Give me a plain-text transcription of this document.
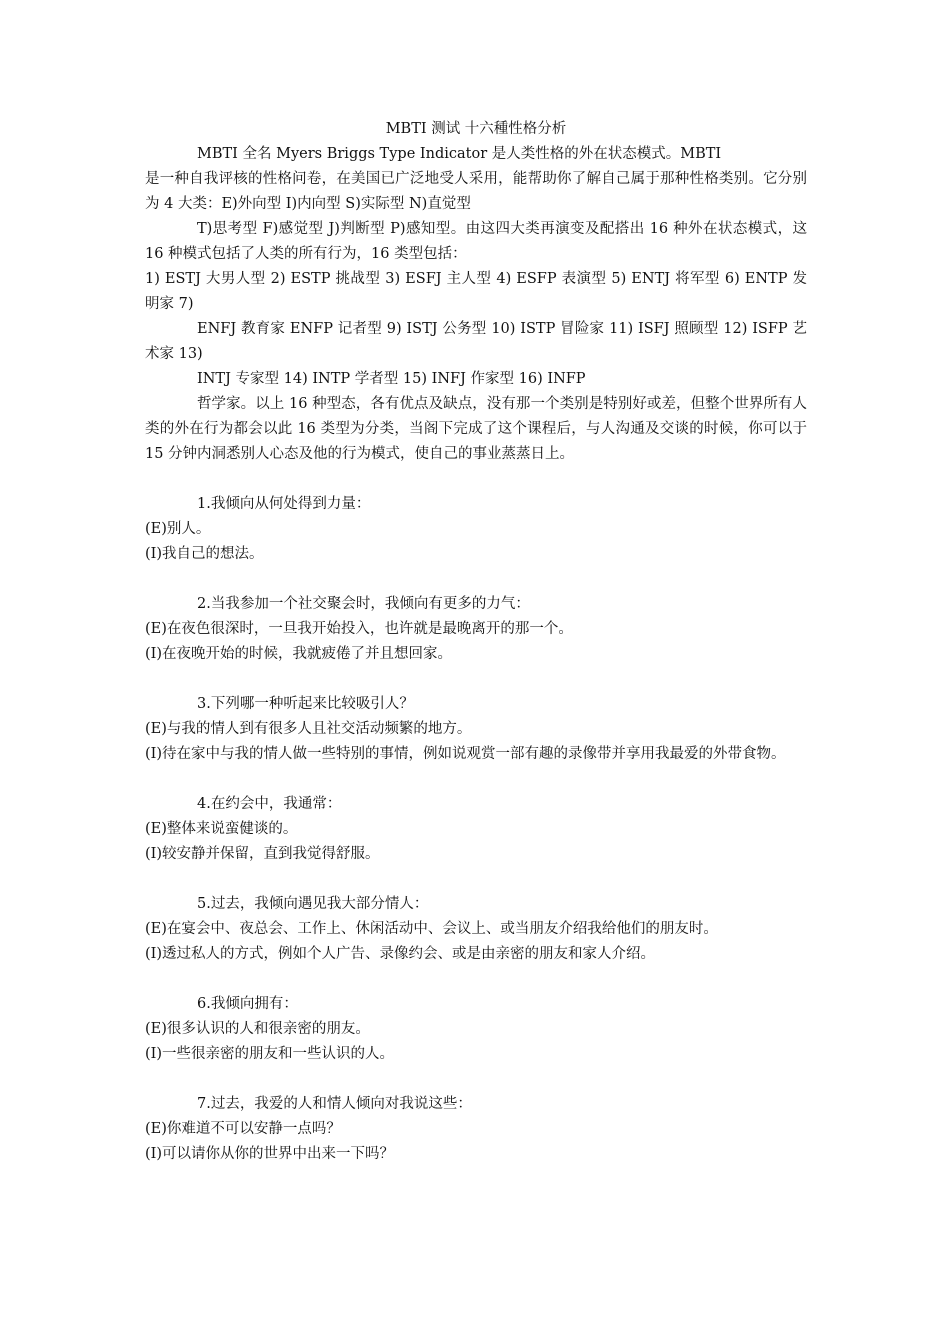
MBTI 测试 十六種性格分析

MBTI 全名 Myers Briggs Type Indicator 是人类性格的外在状态模式。MBTI

是一种自我评核的性格问卷，在美国已广泛地受人采用，能帮助你了解自己属于那种性格类别。它分别为 4 大类：E)外向型 I)内向型 S)实际型 N)直觉型

T)思考型 F)感觉型 J)判断型 P)感知型。由这四大类再演变及配搭出 16 种外在状态模式，这 16 种模式包括了人类的所有行为，16 类型包括：

1) ESTJ 大男人型 2) ESTP 挑战型 3) ESFJ 主人型 4) ESFP 表演型 5) ENTJ 将军型 6) ENTP 发明家 7)

ENFJ 教育家 ENFP 记者型 9) ISTJ 公务型 10) ISTP 冒险家 11) ISFJ 照顾型 12) ISFP 艺术家 13)

INTJ 专家型 14) INTP 学者型 15) INFJ 作家型 16) INFP

哲学家。以上 16 种型态，各有优点及缺点，没有那一个类别是特别好或差，但整个世界所有人类的外在行为都会以此 16 类型为分类，当阁下完成了这个课程后，与人沟通及交谈的时候，你可以于 15 分钟内洞悉别人心态及他的行为模式，使自己的事业蒸蒸日上。

1.我倾向从何处得到力量：

(E)别人。

(I)我自己的想法。

2.当我参加一个社交聚会时，我倾向有更多的力气：

(E)在夜色很深时，一旦我开始投入，也许就是最晚离开的那一个。

(I)在夜晚开始的时候，我就疲倦了并且想回家。

3.下列哪一种听起来比较吸引人？

(E)与我的情人到有很多人且社交活动频繁的地方。

(I)待在家中与我的情人做一些特别的事情，例如说观赏一部有趣的录像带并享用我最爱的外带食物。

4.在约会中，我通常：

(E)整体来说蛮健谈的。

(I)较安静并保留，直到我觉得舒服。

5.过去，我倾向遇见我大部分情人：

(E)在宴会中、夜总会、工作上、休闲活动中、会议上、或当朋友介绍我给他们的朋友时。

(I)透过私人的方式，例如个人广告、录像约会、或是由亲密的朋友和家人介绍。

6.我倾向拥有：

(E)很多认识的人和很亲密的朋友。

(I)一些很亲密的朋友和一些认识的人。

7.过去，我爱的人和情人倾向对我说这些：

(E)你难道不可以安静一点吗？

(I)可以请你从你的世界中出来一下吗？
